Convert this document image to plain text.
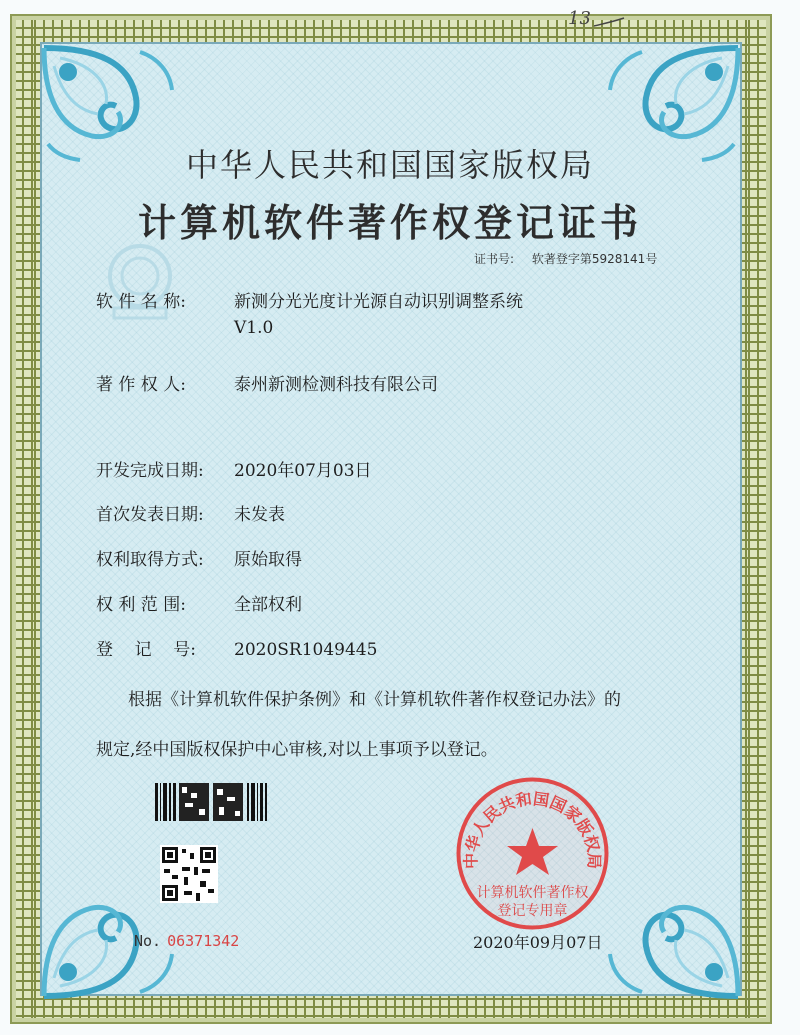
13
中华人民共和国国家版权局
计算机软件著作权登记证书
证书号: 软著登字第5928141号
软 件 名 称:	新测分光光度计光源自动识别调整系统
V1.0
著 作 权 人:	泰州新测检测科技有限公司
开发完成日期: 2020年07月03日
首次发表日期: 未发表
权利取得方式: 原始取得
权 利 范 围:	全部权利
登    记    号: 2020SR1049445
根据《计算机软件保护条例》和《计算机软件著作权登记办法》的
规定,经中国版权保护中心审核,对以上事项予以登记。
No. 06371342
中华人民共和国国家版权局
计算机软件著作权
登记专用章
2020年09月07日
